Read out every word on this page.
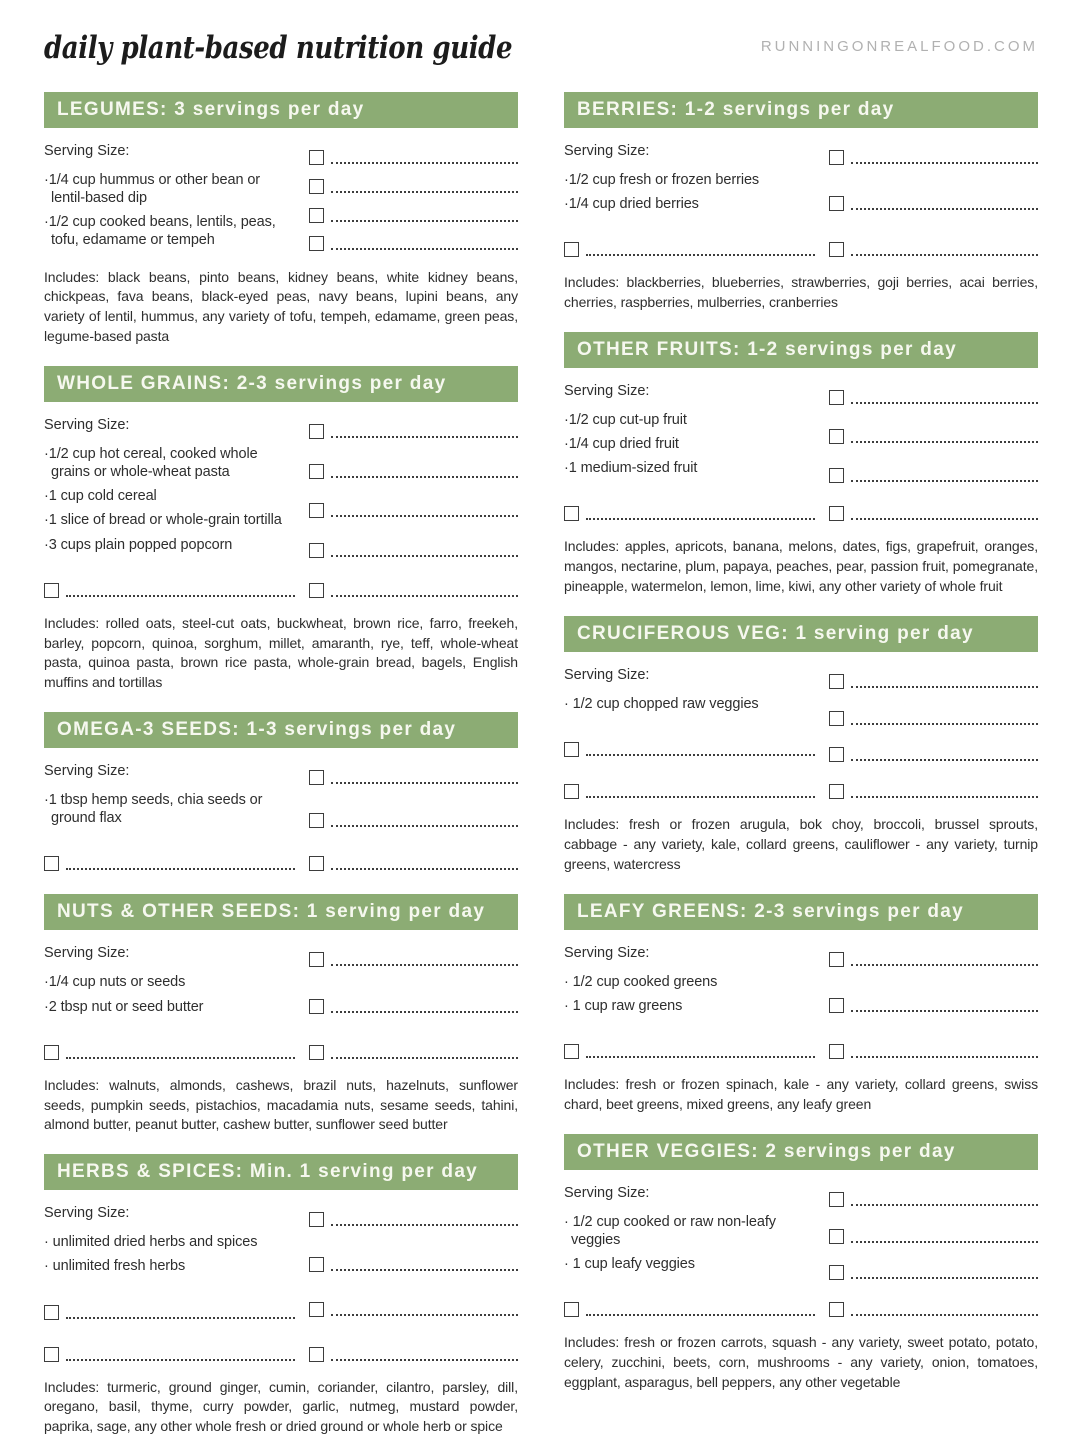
daily plant-based nutrition guide	RUNNINGONREALFOOD.COM
LEGUMES: 3 servings per day
Serving Size:
·1/4 cup hummus or other bean or lentil-based dip
·1/2 cup cooked beans, lentils, peas, tofu, edamame or tempeh
Includes: black beans, pinto beans, kidney beans, white kidney beans, chickpeas, fava beans, black-eyed peas, navy beans, lupini beans, any variety of lentil, hummus, any variety of tofu, tempeh, edamame, green peas, legume-based pasta
WHOLE GRAINS: 2-3 servings per day
Serving Size:
·1/2 cup hot cereal, cooked whole grains or whole-wheat pasta
·1 cup cold cereal
·1 slice of bread or whole-grain tortilla
·3 cups plain popped popcorn
Includes: rolled oats, steel-cut oats, buckwheat, brown rice, farro, freekeh, barley, popcorn, quinoa, sorghum, millet, amaranth, rye, teff, whole-wheat pasta, quinoa pasta, brown rice pasta, whole-grain bread, bagels, English muffins and tortillas
OMEGA-3 SEEDS: 1-3 servings per day
Serving Size:
·1 tbsp hemp seeds, chia seeds or ground flax
NUTS & OTHER SEEDS: 1 serving per day
Serving Size:
·1/4 cup nuts or seeds
·2 tbsp nut or seed butter
Includes: walnuts, almonds, cashews, brazil nuts, hazelnuts, sunflower seeds, pumpkin seeds, pistachios, macadamia nuts, sesame seeds, tahini, almond butter, peanut butter, cashew butter, sunflower seed butter
HERBS & SPICES: Min. 1 serving per day
Serving Size:
· unlimited dried herbs and spices
· unlimited fresh herbs
Includes: turmeric, ground ginger, cumin, coriander, cilantro, parsley, dill, oregano, basil, thyme, curry powder, garlic, nutmeg, mustard powder, paprika, sage, any other whole fresh or dried ground or whole herb or spice
BERRIES: 1-2 servings per day
Serving Size:
·1/2 cup fresh or frozen berries
·1/4 cup dried berries
Includes: blackberries, blueberries, strawberries, goji berries, acai berries, cherries, raspberries, mulberries, cranberries
OTHER FRUITS: 1-2 servings per day
Serving Size:
·1/2 cup cut-up fruit
·1/4 cup dried fruit
·1 medium-sized fruit
Includes: apples, apricots, banana, melons, dates, figs, grapefruit, oranges, mangos, nectarine, plum, papaya, peaches, pear, passion fruit, pomegranate, pineapple, watermelon, lemon, lime, kiwi, any other variety of whole fruit
CRUCIFEROUS VEG: 1 serving per day
Serving Size:
· 1/2 cup chopped raw veggies
Includes: fresh or frozen arugula, bok choy, broccoli, brussel sprouts, cabbage - any variety, kale, collard greens, cauliflower - any variety, turnip greens, watercress
LEAFY GREENS: 2-3 servings per day
Serving Size:
· 1/2 cup cooked greens
· 1 cup raw greens
Includes: fresh or frozen spinach, kale - any variety, collard greens, swiss chard, beet greens, mixed greens, any leafy green
OTHER VEGGIES: 2 servings per day
Serving Size:
· 1/2 cup cooked or raw non-leafy veggies
· 1 cup leafy veggies
Includes: fresh or frozen carrots, squash - any variety, sweet potato, potato, celery, zucchini, beets, corn, mushrooms - any variety, onion, tomatoes, eggplant, asparagus, bell peppers, any other vegetable
